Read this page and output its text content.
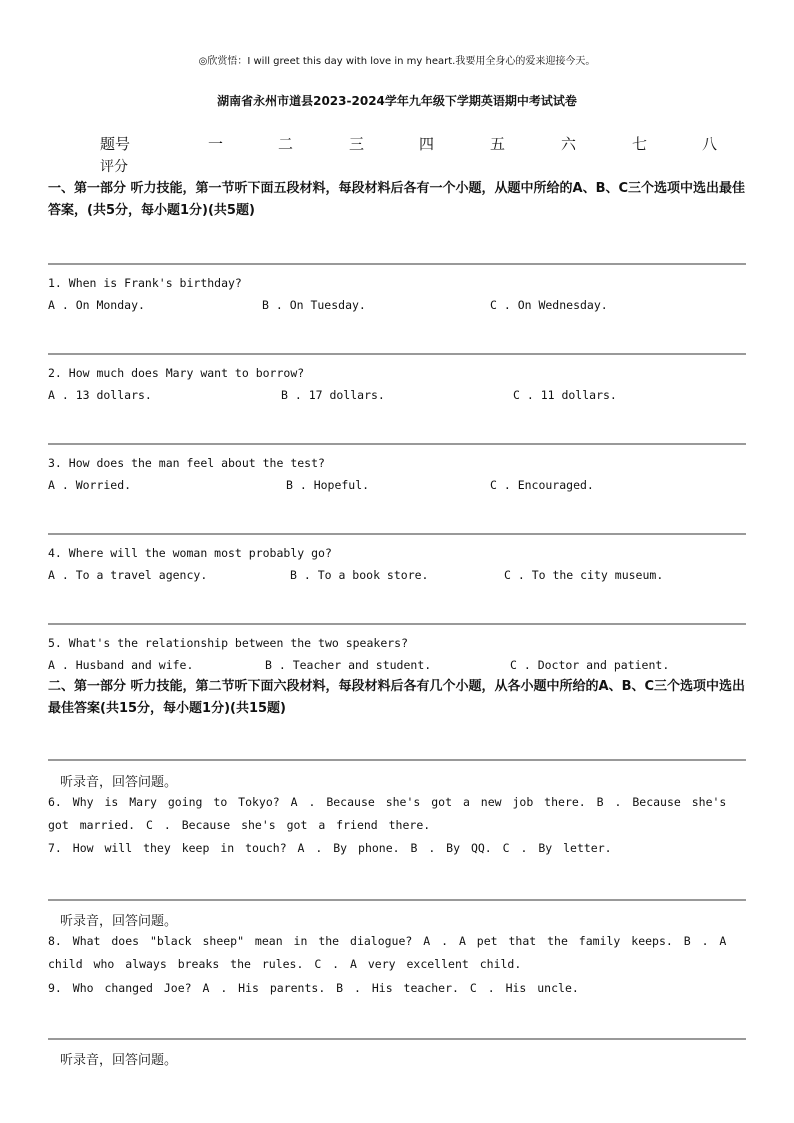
◎欣赏悟：I will greet this day with love in my heart.我要用全身心的爱来迎接今天。
湖南省永州市道县2023-2024学年九年级下学期英语期中考试试卷
题号	一	二	三	四	五	六	七	八
评分
一、第一部分 听力技能，第一节听下面五段材料，每段材料后各有一个小题，从题中所给的A、B、C三个选项中选出最佳答案，(共5分，每小题1分)(共5题)
1. When is Frank's birthday?
A . On Monday.	B . On Tuesday.	C . On Wednesday.
2. How much does Mary want to borrow?
A . 13 dollars.	B . 17 dollars.	C . 11 dollars.
3. How does the man feel about the test?
A . Worried.	B . Hopeful.	C . Encouraged.
4. Where will the woman most probably go?
A . To a travel agency.	B . To a book store.	C . To the city museum.
5. What's the relationship between the two speakers?
A . Husband and wife.	B . Teacher and student.	C . Doctor and patient.
二、第一部分 听力技能，第二节听下面六段材料，每段材料后各有几个小题，从各小题中所给的A、B、C三个选项中选出最佳答案(共15分，每小题1分)(共15题)
听录音，回答问题。
6. Why is Mary going to Tokyo? A . Because she's got a new job there. B . Because she's got married. C . Because she's got a friend there.
7. How will they keep in touch? A . By phone. B . By QQ. C . By letter.
听录音，回答问题。
8. What does "black sheep" mean in the dialogue? A . A pet that the family keeps. B . A child who always breaks the rules. C . A very excellent child.
9. Who changed Joe? A . His parents. B . His teacher. C . His uncle.
听录音，回答问题。
